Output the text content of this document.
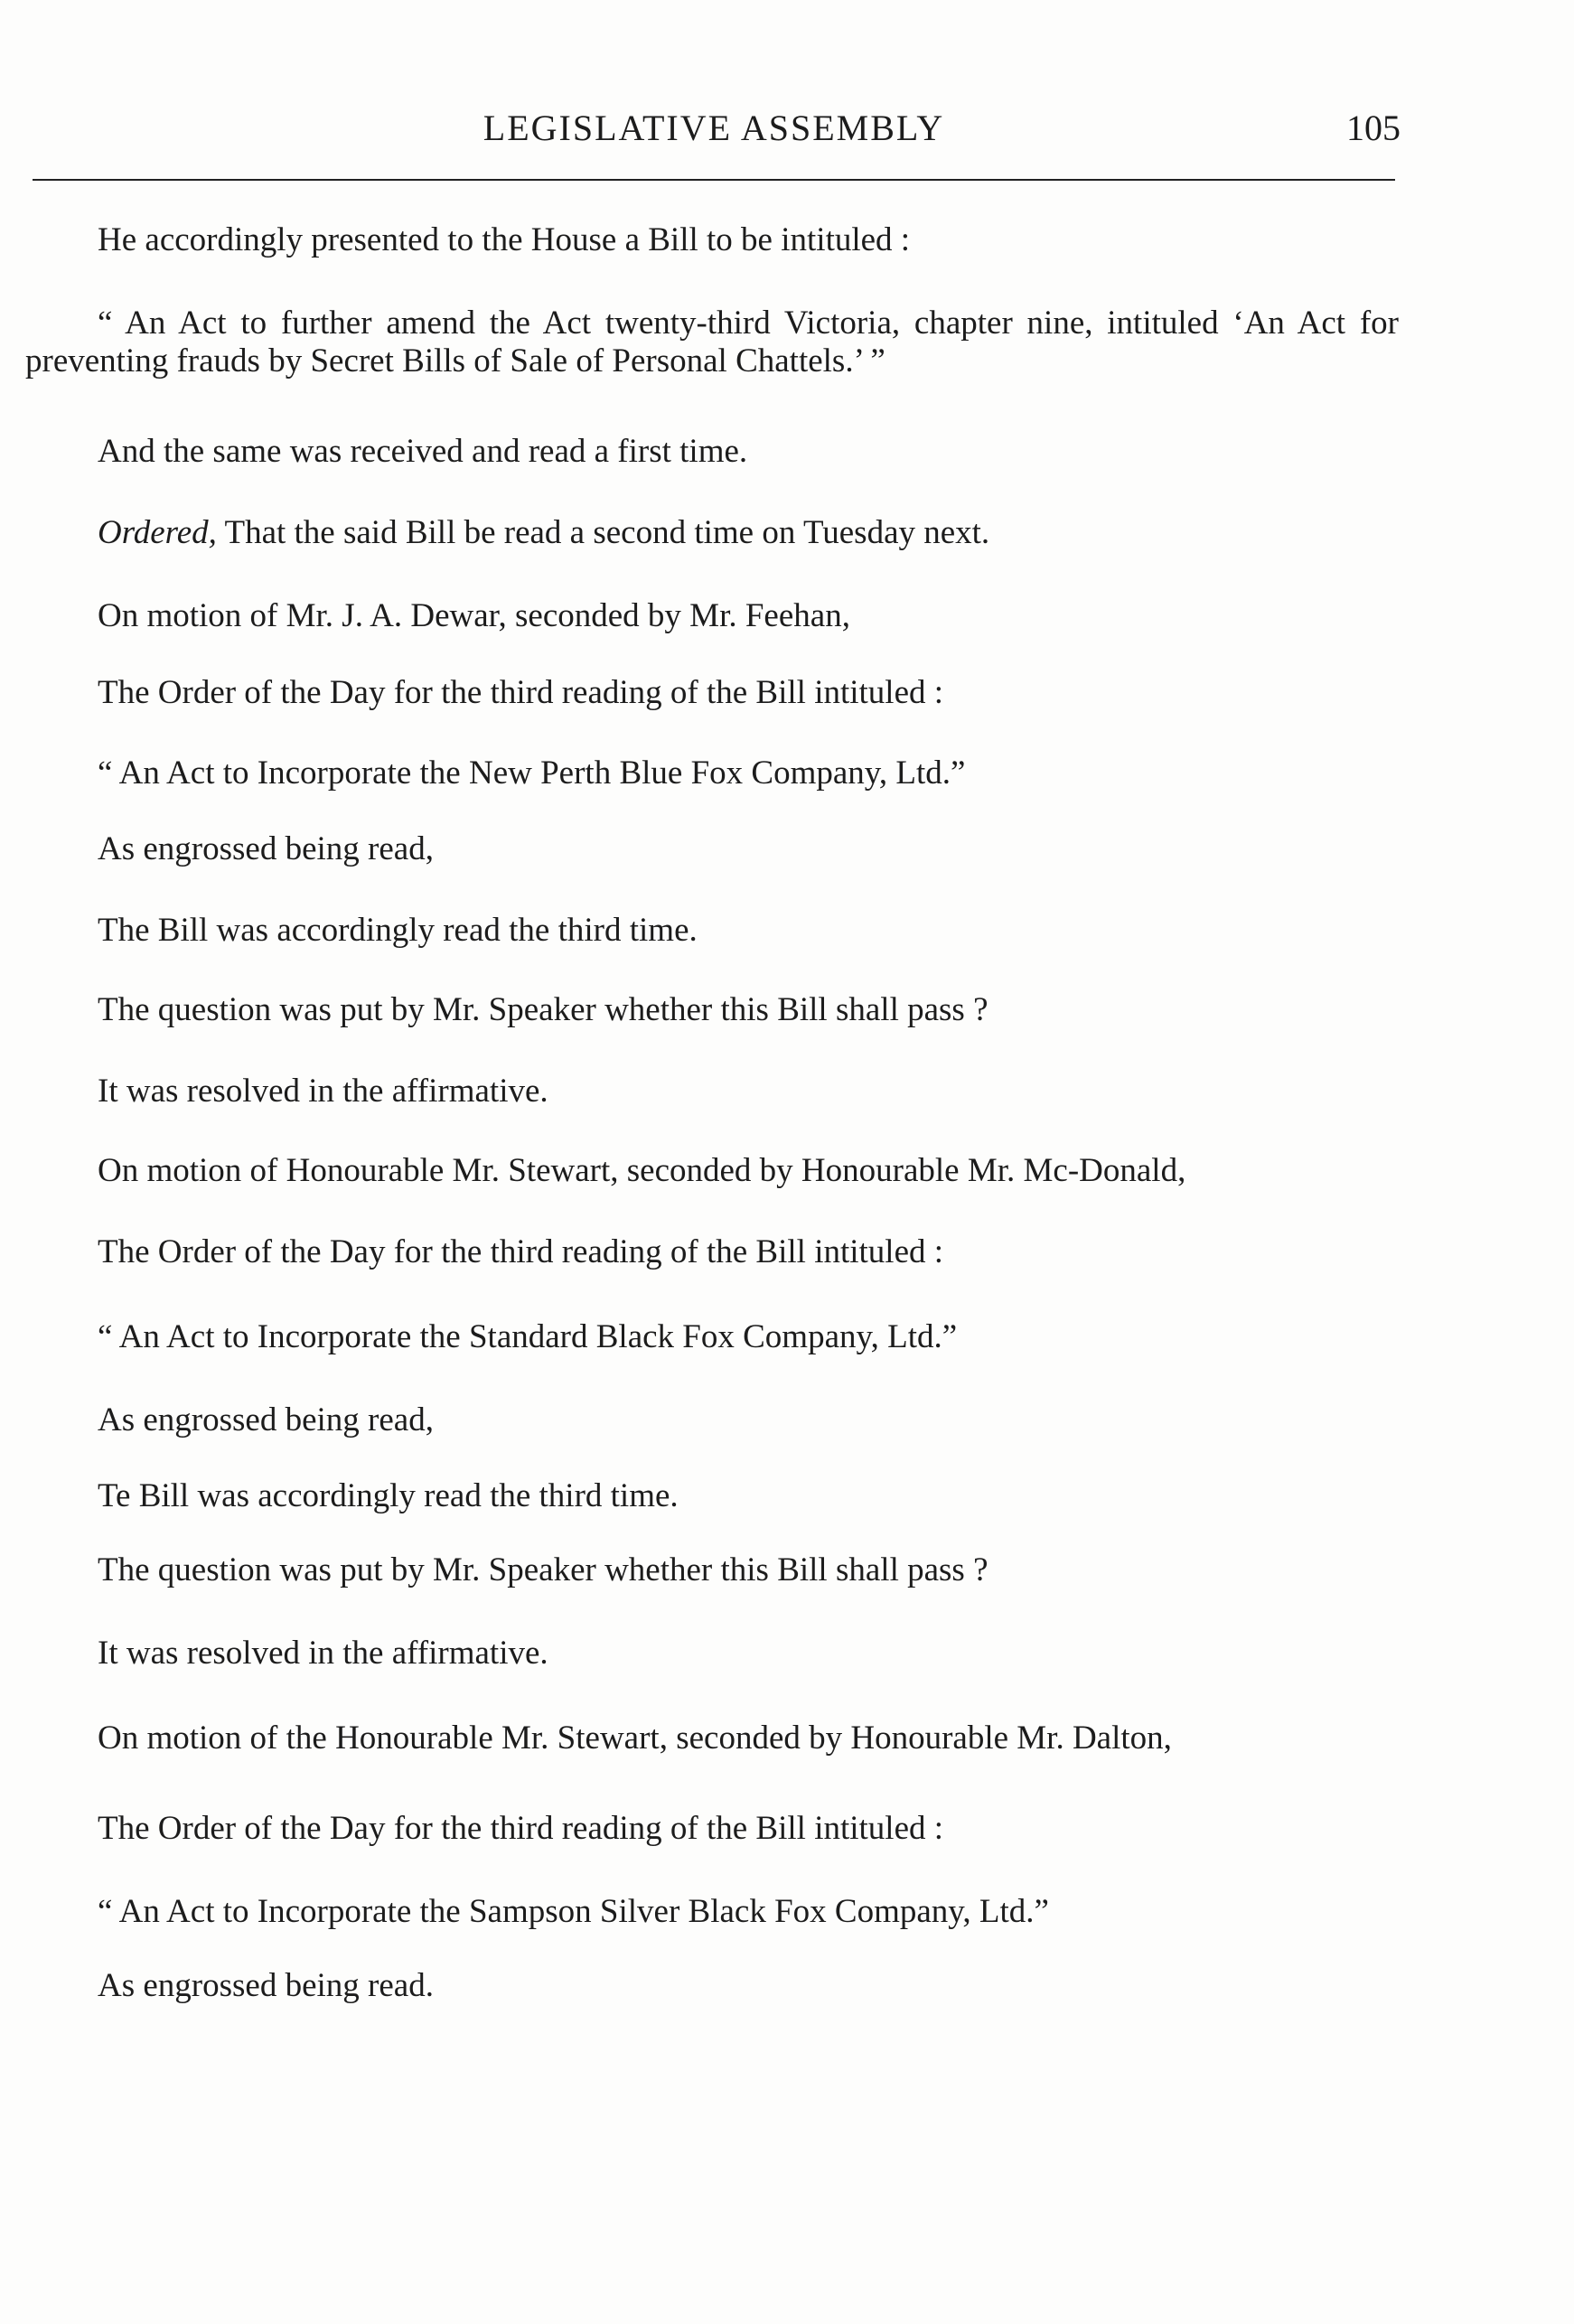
LEGISLATIVE ASSEMBLY	105

He accordingly presented to the House a Bill to be intituled :

“ An Act to further amend the Act twenty-third Victoria, chapter nine, intituled ‘An Act for preventing frauds by Secret Bills of Sale of Personal Chattels.’ ”

And the same was received and read a first time.

Ordered, That the said Bill be read a second time on Tuesday next.

On motion of Mr. J. A. Dewar, seconded by Mr. Feehan,

The Order of the Day for the third reading of the Bill intituled :

“ An Act to Incorporate the New Perth Blue Fox Company, Ltd.”

As engrossed being read,

The Bill was accordingly read the third time.

The question was put by Mr. Speaker whether this Bill shall pass ?

It was resolved in the affirmative.

On motion of Honourable Mr. Stewart, seconded by Honourable Mr. Mc-Donald,

The Order of the Day for the third reading of the Bill intituled :

“ An Act to Incorporate the Standard Black Fox Company, Ltd.”

As engrossed being read,

Te Bill was accordingly read the third time.

The question was put by Mr. Speaker whether this Bill shall pass ?

It was resolved in the affirmative.

On motion of the Honourable Mr. Stewart, seconded by Honourable Mr. Dalton,

The Order of the Day for the third reading of the Bill intituled :

“ An Act to Incorporate the Sampson Silver Black Fox Company, Ltd.”

As engrossed being read.
